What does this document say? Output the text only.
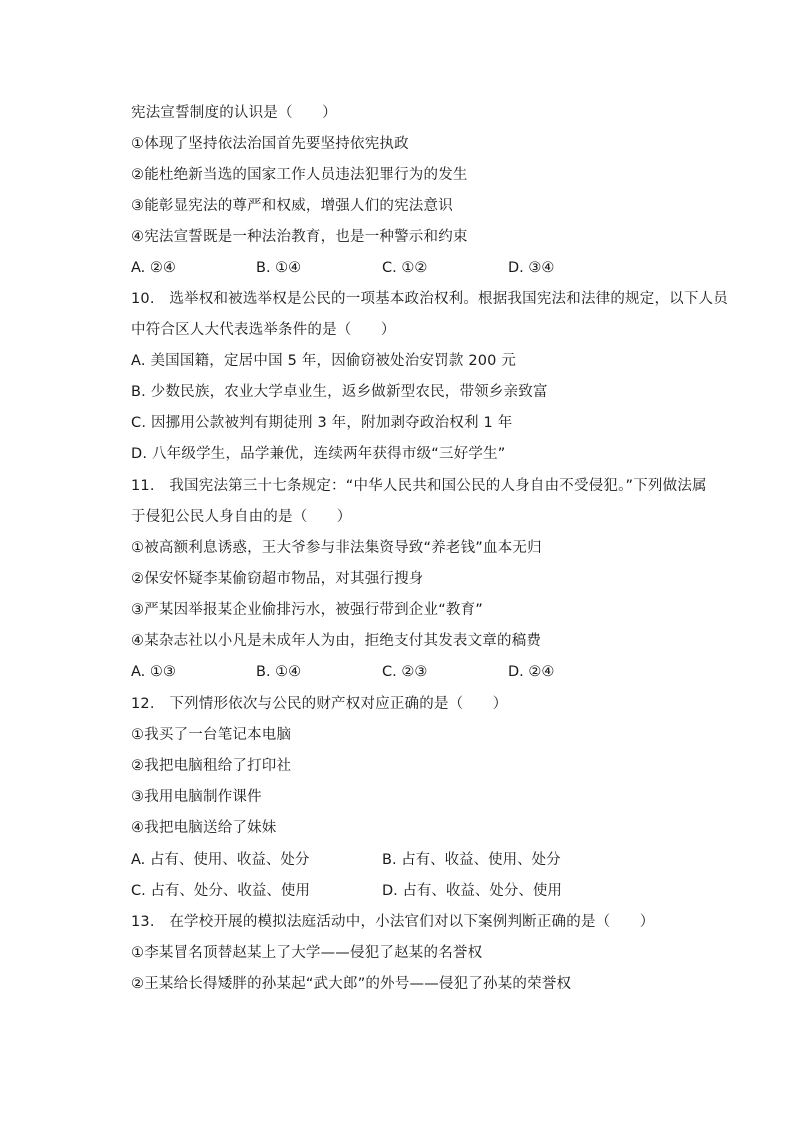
宪法宣誓制度的认识是（　　）
①体现了坚持依法治国首先要坚持依宪执政
②能杜绝新当选的国家工作人员违法犯罪行为的发生
③能彰显宪法的尊严和权威，增强人们的宪法意识
④宪法宣誓既是一种法治教育，也是一种警示和约束
A. ②④	B. ①④	C. ①②	D. ③④
10.　选举权和被选举权是公民的一项基本政治权利。根据我国宪法和法律的规定，以下人员
中符合区人大代表选举条件的是（　　）
A. 美国国籍，定居中国 5 年，因偷窃被处治安罚款 200 元
B. 少数民族，农业大学卓业生，返乡做新型农民，带领乡亲致富
C. 因挪用公款被判有期徒刑 3 年，附加剥夺政治权利 1 年
D. 八年级学生，品学兼优，连续两年获得市级“三好学生”
11.　我国宪法第三十七条规定：“中华人民共和国公民的人身自由不受侵犯。”下列做法属
于侵犯公民人身自由的是（　　）
①被高额利息诱惑，王大爷参与非法集资导致“养老钱”血本无归
②保安怀疑李某偷窃超市物品，对其强行搜身
③严某因举报某企业偷排污水，被强行带到企业“教育”
④某杂志社以小凡是未成年人为由，拒绝支付其发表文章的稿费
A. ①③	B. ①④	C. ②③	D. ②④
12.　下列情形依次与公民的财产权对应正确的是（　　）
①我买了一台笔记本电脑
②我把电脑租给了打印社
③我用电脑制作课件
④我把电脑送给了妹妹
A. 占有、使用、收益、处分	B. 占有、收益、使用、处分
C. 占有、处分、收益、使用	D. 占有、收益、处分、使用
13.　在学校开展的模拟法庭活动中，小法官们对以下案例判断正确的是（　　）
①李某冒名顶替赵某上了大学——侵犯了赵某的名誉权
②王某给长得矮胖的孙某起“武大郎”的外号——侵犯了孙某的荣誉权
